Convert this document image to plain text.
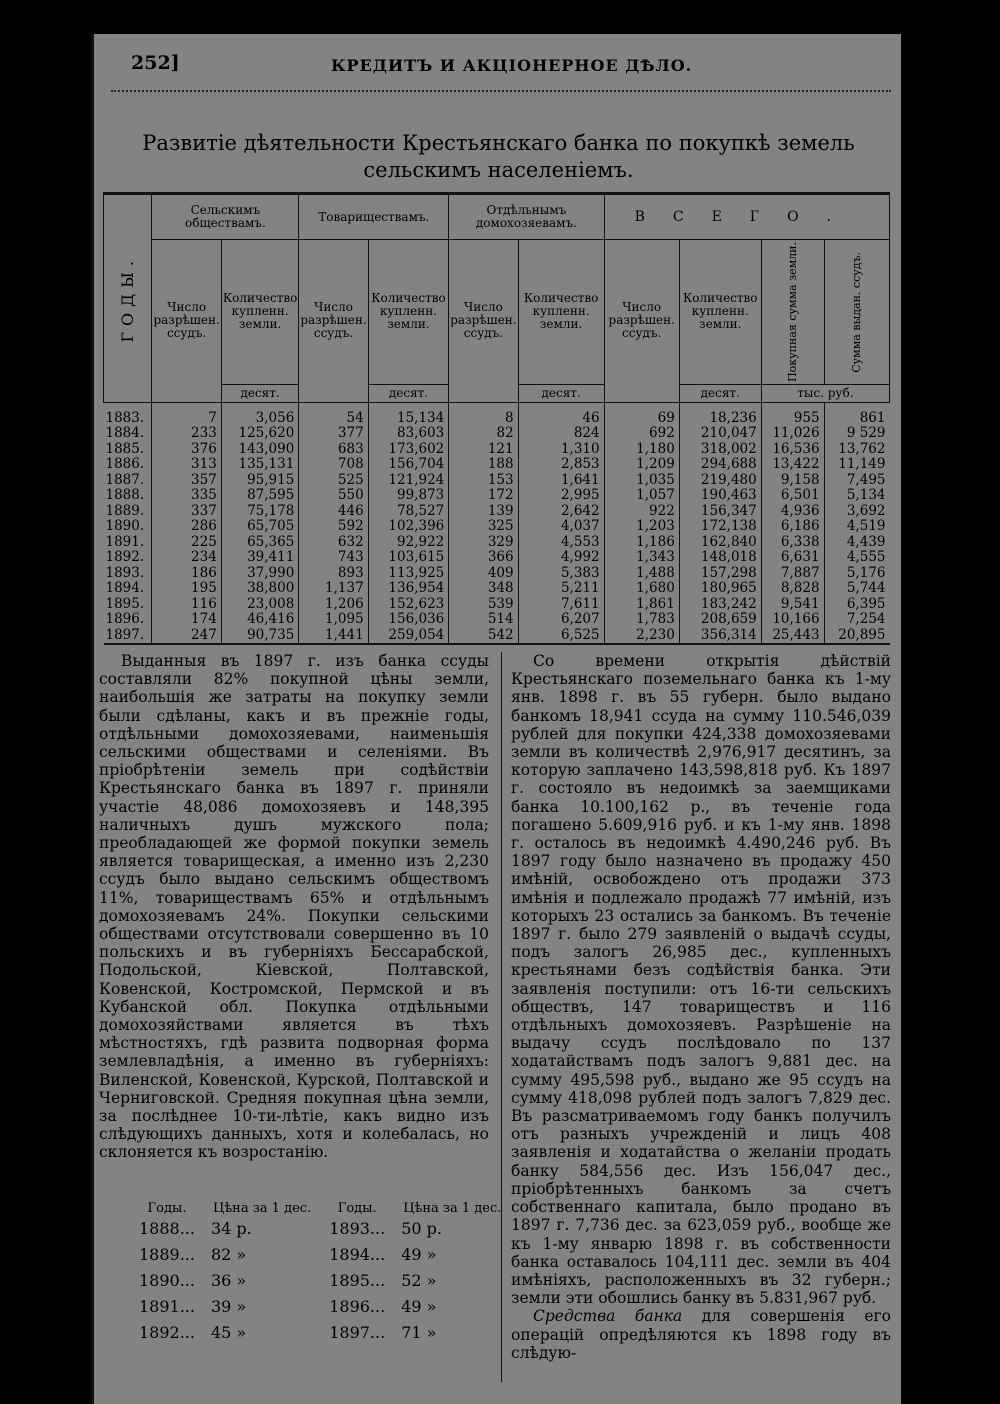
252]	КРЕДИТЪ И АКЦІОНЕРНОЕ ДѢЛО.
Развитіе дѣятельности Крестьянскаго банка по покупкѣ земель сельскимъ населеніемъ.
ГОДЫ.	Сельскимъ обществамъ.		Товариществамъ.		Отдѣльнымъ домохозяевамъ.		ВСЕГО.			
	Число разрѣшен. ссудъ.	Количество купленн. земли.	Число разрѣшен. ссудъ.	Количество купленн. земли.	Число разрѣшен. ссудъ.	Количество купленн. земли.	Число разрѣшен. ссудъ.	Количество купленн. земли.	Покупная сумма земли.	Сумма выдан. ссудъ.

		десят.		десят.		десят.		десят.	тыс. руб.	
1883.	7	3,056	54	15,134	8	46	69	18,236	955	861
1884.	233	125,620	377	83,603	82	824	692	210,047	11,026	9 529
1885.	376	143,090	683	173,602	121	1,310	1,180	318,002	16,536	13,762
1886.	313	135,131	708	156,704	188	2,853	1,209	294,688	13,422	11,149
1887.	357	95,915	525	121,924	153	1,641	1,035	219,480	9,158	7,495
1888.	335	87,595	550	99,873	172	2,995	1,057	190,463	6,501	5,134
1889.	337	75,178	446	78,527	139	2,642	922	156,347	4,936	3,692
1890.	286	65,705	592	102,396	325	4,037	1,203	172,138	6,186	4,519
1891.	225	65,365	632	92,922	329	4,553	1,186	162,840	6,338	4,439
1892.	234	39,411	743	103,615	366	4,992	1,343	148,018	6,631	4,555
1893.	186	37,990	893	113,925	409	5,383	1,488	157,298	7,887	5,176
1894.	195	38,800	1,137	136,954	348	5,211	1,680	180,965	8,828	5,744
1895.	116	23,008	1,206	152,623	539	7,611	1,861	183,242	9,541	6,395
1896.	174	46,416	1,095	156,036	514	6,207	1,783	208,659	10,166	7,254
1897.	247	90,735	1,441	259,054	542	6,525	2,230	356,314	25,443	20,895
Выданныя въ 1897 г. изъ банка ссуды составляли 82% покупной цѣны земли, наибольшія же затраты на покупку земли были сдѣланы, какъ и въ прежніе годы, отдѣльными домохозяевами, наименьшія сельскими обществами и селеніями. Въ пріобрѣтеніи земель при содѣйствіи Крестьянскаго банка въ 1897 г. приняли участіе 48,086 домохозяевъ и 148,395 наличныхъ душъ мужского пола; преобладающей же формой покупки земель является товарищеская, а именно изъ 2,230 ссудъ было выдано сельскимъ обществомъ 11%, товариществамъ 65% и отдѣльнымъ домохозяевамъ 24%. Покупки сельскими обществами отсутствовали совершенно въ 10 польскихъ и въ губерніяхъ Бессарабской, Подольской, Кіевской, Полтавской, Ковенской, Костромской, Пермской и въ Кубанской обл. Покупка отдѣльными домохозяйствами является въ тѣхъ мѣстностяхъ, гдѣ развита подворная форма землевладѣнія, а именно въ губерніяхъ: Виленской, Ковенской, Курской, Полтавской и Черниговской. Средняя покупная цѣна земли, за послѣднее 10-ти-лѣтіе, какъ видно изъ слѣдующихъ данныхъ, хотя и колебалась, но склоняется къ возростанію.
Годы.	Цѣна за 1 дес.	Годы.	Цѣна за 1 дес.
1888...	34 р.	1893...	50 р.
1889...	82 »	1894...	49 »
1890...	36 »	1895...	52 »
1891...	39 »	1896...	49 »
1892...	45 »	1897...	71 »

Со времени открытія дѣйствій Крестьянскаго поземельнаго банка къ 1-му янв. 1898 г. въ 55 губерн. было выдано банкомъ 18,941 ссуда на сумму 110.546,039 рублей для покупки 424,338 домохозяевами земли въ количествѣ 2,976,917 десятинъ, за которую заплачено 143,598,818 руб. Къ 1897 г. состояло въ недоимкѣ за заемщиками банка 10.100,162 р., въ теченіе года погашено 5.609,916 руб. и къ 1-му янв. 1898 г. осталось въ недоимкѣ 4.490,246 руб. Въ 1897 году было назначено въ продажу 450 имѣній, освобождено отъ продажи 373 имѣнія и подлежало продажѣ 77 имѣній, изъ которыхъ 23 остались за банкомъ. Въ теченіе 1897 г. было 279 заявленій о выдачѣ ссуды, подъ залогъ 26,985 дес., купленныхъ крестьянами безъ содѣйствія банка. Эти заявленія поступили: отъ 16-ти сельскихъ обществъ, 147 товариществъ и 116 отдѣльныхъ домохозяевъ. Разрѣшеніе на выдачу ссудъ послѣдовало по 137 ходатайствамъ подъ залогъ 9,881 дес. на сумму 495,598 руб., выдано же 95 ссудъ на сумму 418,098 рублей подъ залогъ 7,829 дес. Въ разсматриваемомъ году банкъ получилъ отъ разныхъ учрежденій и лицъ 408 заявленія и ходатайства о желаніи продать банку 584,556 дес. Изъ 156,047 дес., пріобрѣтенныхъ банкомъ за счетъ собственнаго капитала, было продано въ 1897 г. 7,736 дес. за 623,059 руб., вообще же къ 1-му январю 1898 г. въ собственности банка оставалось 104,111 дес. земли въ 404 имѣніяхъ, расположенныхъ въ 32 губерн.; земли эти обошлись банку въ 5.831,967 руб.

Средства банка для совершенія его операцій опредѣляются къ 1898 году въ слѣдую-
